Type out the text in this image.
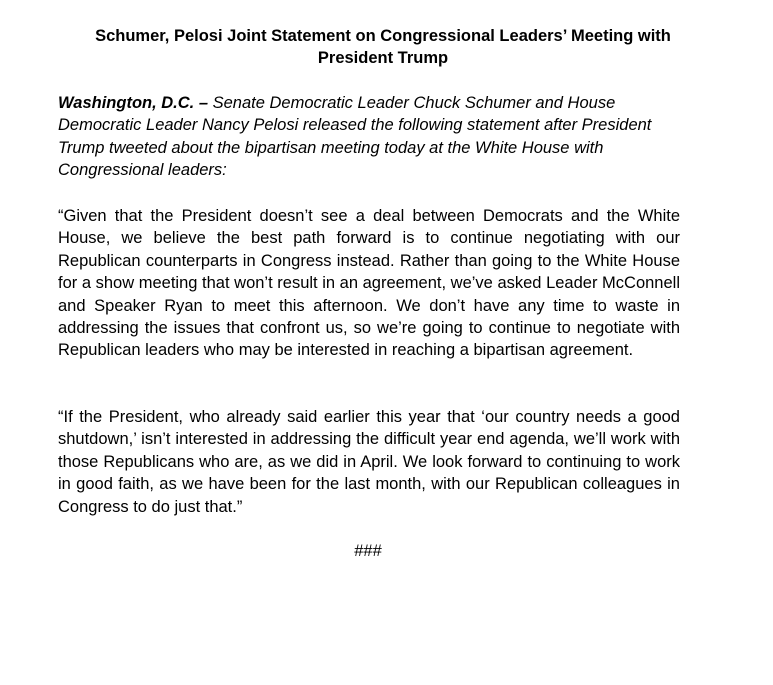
Schumer, Pelosi Joint Statement on Congressional Leaders’ Meeting with President Trump

Washington, D.C. – Senate Democratic Leader Chuck Schumer and House Democratic Leader Nancy Pelosi released the following statement after President Trump tweeted about the bipartisan meeting today at the White House with Congressional leaders:

“Given that the President doesn’t see a deal between Democrats and the White House, we believe the best path forward is to continue negotiating with our Republican counterparts in Congress instead. Rather than going to the White House for a show meeting that won’t result in an agreement, we’ve asked Leader McConnell and Speaker Ryan to meet this afternoon. We don’t have any time to waste in addressing the issues that confront us, so we’re going to continue to negotiate with Republican leaders who may be interested in reaching a bipartisan agreement.

“If the President, who already said earlier this year that ‘our country needs a good shutdown,’ isn’t interested in addressing the difficult year end agenda, we’ll work with those Republicans who are, as we did in April. We look forward to continuing to work in good faith, as we have been for the last month, with our Republican colleagues in Congress to do just that.”

###
